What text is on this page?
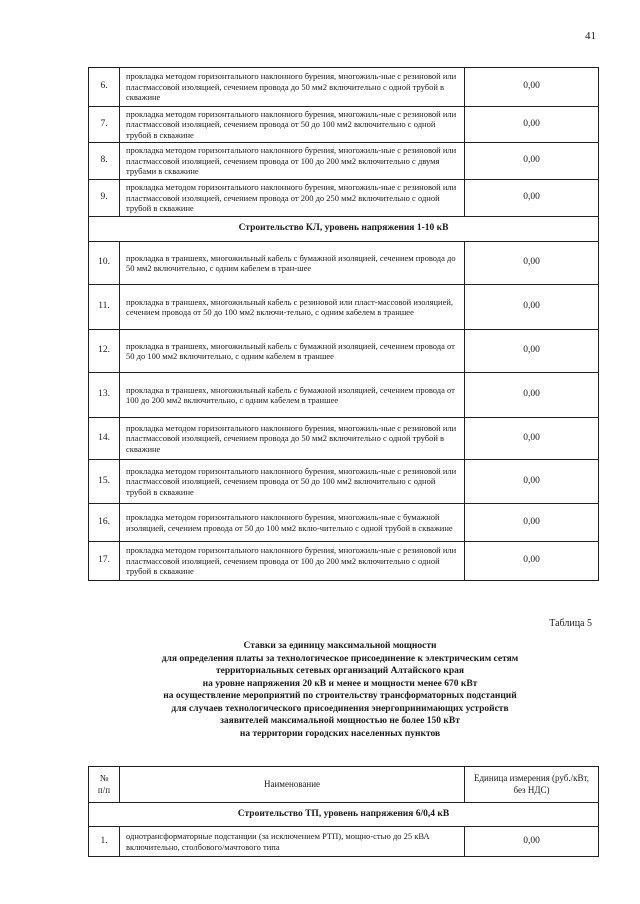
41
6.	прокладка методом горизонтального наклонного бурения, многожиль-ные с резиновой или пластмассовой изоляцией, сечением провода до 50 мм2 включительно с одной трубой в скважине	0,00
7.	прокладка методом горизонтального наклонного бурения, многожиль-ные с резиновой или пластмассовой изоляцией, сечением провода от 50 до 100 мм2 включительно с одной трубой в скважине	0,00
8.	прокладка методом горизонтального наклонного бурения, многожиль-ные с резиновой или пластмассовой изоляцией, сечением провода от 100 до 200 мм2 включительно с двумя трубами в скважине	0,00
9.	прокладка методом горизонтального наклонного бурения, многожиль-ные с резиновой или пластмассовой изоляцией, сечением провода от 200 до 250 мм2 включительно с одной трубой в скважине	0,00
Строительство КЛ, уровень напряжения 1-10 кВ		
10.	прокладка в траншеях, многожильный кабель с бумажной изоляцией, сечением провода до 50 мм2 включительно, с одним кабелем в тран-шее	0,00
11.	прокладка в траншеях, многожильный кабель с резиновой или пласт-массовой изоляцией, сечением провода от 50 до 100 мм2 включи-тельно, с одним кабелем в траншее	0,00
12.	прокладка в траншеях, многожильный кабель с бумажной изоляцией, сечением провода от 50 до 100 мм2 включительно, с одним кабелем в траншее	0,00
13.	прокладка в траншеях, многожильный кабель с бумажной изоляцией, сечением провода от 100 до 200 мм2 включительно, с одним кабелем в траншее	0,00
14.	прокладка методом горизонтального наклонного бурения, многожиль-ные с резиновой или пластмассовой изоляцией, сечением провода до 50 мм2 включительно с одной трубой в скважине	0,00
15.	прокладка методом горизонтального наклонного бурения, многожиль-ные с резиновой или пластмассовой изоляцией, сечением провода от 50 до 100 мм2 включительно с одной трубой в скважине	0,00
16.	прокладка методом горизонтального наклонного бурения, многожиль-ные с бумажной изоляцией, сечением провода от 50 до 100 мм2 вклю-чительно с одной трубой в скважине	0,00
17.	прокладка методом горизонтального наклонного бурения, многожиль-ные с резиновой или пластмассовой изоляцией, сечением провода от 100 до 200 мм2 включительно с одной трубой в скважине	0,00
Таблица 5
Ставки за единицу максимальной мощности
для определения платы за технологическое присоединение к электрическим сетям
территориальных сетевых организаций Алтайского края
на уровне напряжения 20 кВ и менее и мощности менее 670 кВт
на осуществление мероприятий по строительству трансформаторных подстанций
для случаев технологического присоединения энергопринимающих устройств
заявителей максимальной мощностью не более 150 кВт
на территории городских населенных пунктов
№ п/п	Наименование	Единица измерения (руб./кВт, без НДС)
Строительство ТП, уровень напряжения 6/0,4 кВ		
1.	однотрансформаторные подстанции (за исключением РТП), мощно-стью до 25 кВА включительно, столбового/мачтового типа	0,00
